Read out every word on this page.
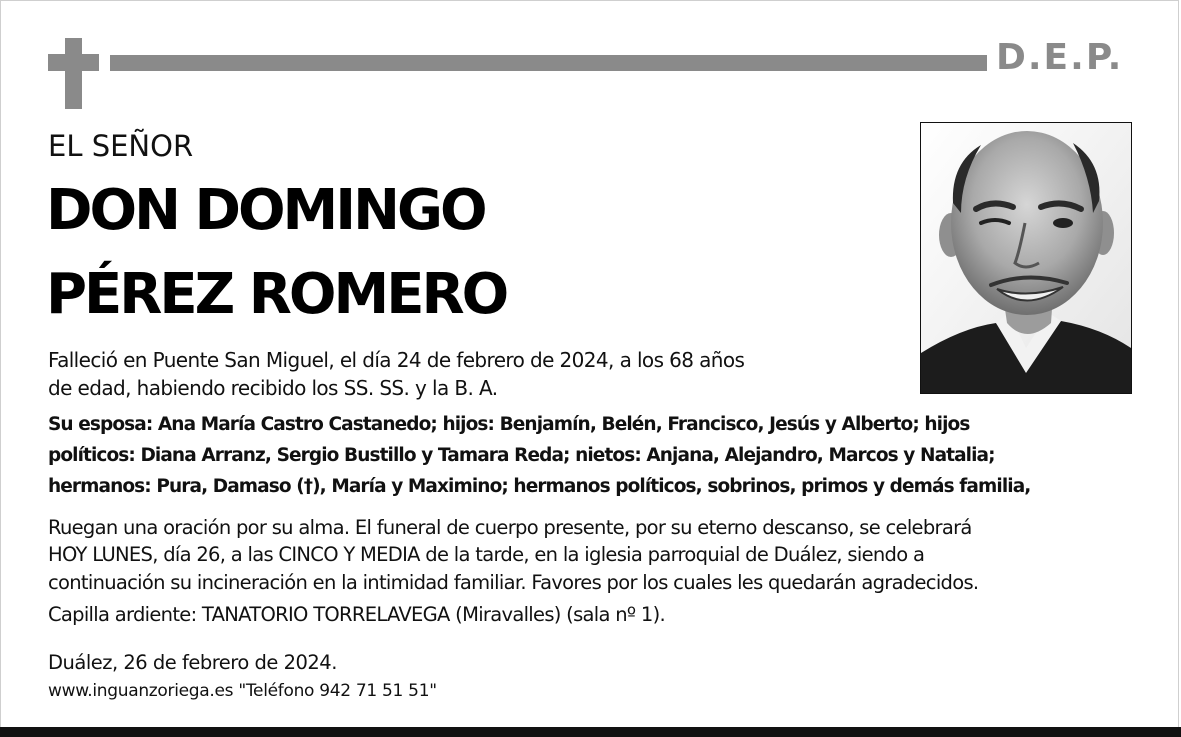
D.E.P.
EL SEÑOR
DON DOMINGO
PÉREZ ROMERO
Falleció en Puente San Miguel, el día 24 de febrero de 2024, a los 68 años
de edad, habiendo recibido los SS. SS. y la B. A.
Su esposa: Ana María Castro Castanedo; hijos: Benjamín, Belén, Francisco, Jesús y Alberto; hijos
políticos: Diana Arranz, Sergio Bustillo y Tamara Reda; nietos: Anjana, Alejandro, Marcos y Natalia;
hermanos: Pura, Damaso (†), María y Maximino; hermanos políticos, sobrinos, primos y demás familia,
Ruegan una oración por su alma. El funeral de cuerpo presente, por su eterno descanso, se celebrará
HOY LUNES, día 26, a las CINCO Y MEDIA de la tarde, en la iglesia parroquial de Duález, siendo a
continuación su incineración en la intimidad familiar. Favores por los cuales les quedarán agradecidos.
Capilla ardiente: TANATORIO TORRELAVEGA (Miravalles) (sala nº 1).
Duález, 26 de febrero de 2024.
www.inguanzoriega.es "Teléfono 942 71 51 51"
